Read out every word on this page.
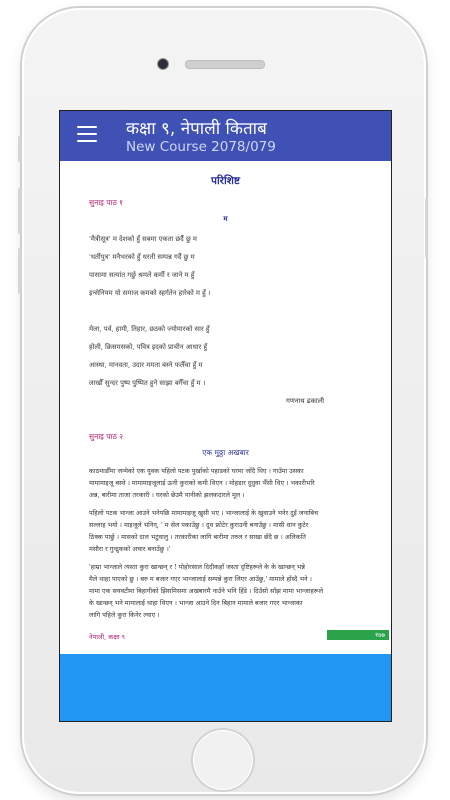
कक्षा ९, नेपाली किताब
New Course 2078/079
परिशिष्ट
सुनाइ पाठ १
म
'मैत्रीसूत्र' म देशको हुँ सबमा एकता छर्दै छु म
'धर्तीपुत्र' मनैभरको हुँ धरती सम्पन्न गर्दै छु म
पासामा सत्यांत गर्छु श्रमले कर्मी र जाने म हुँ
इन्सेनियम यो समाज कमको स्हर्गतेन हारेको म हुँ ।
मेला, पर्व, हामी, तिहार, छठको ज्योमारको सार हुँ
होली, क्रिसमसको, पवित्र इदको प्राचीन आधार हुँ
आस्था, मानवता, उदार ममता बस्ने फलैँचा हुँ म
लाखौँ सुन्दर पुष्प पुष्पित हुने साझा बगैँचा हुँ म ।
गणनाथ ढकाली
सुनाइ पाठ २
एक मुठ्ठा अखबार
काठमाडौँमा जन्मेको एक युवक पहिलो पटक पुर्खाको पहाडको घरमा जाँदै थिए । गाउँमा उसका
मामामाइजू बस्थे । मामामाइजूलाई ऊनी कुराको कमी थिएन । मोहडार दुधुवा भैँसी थिए । भकारीभरि
अन्न, बारीमा ताजा तरकारी । घरको छेउमै पानीको झलकदारले मूल ।
पहिलो पटक भान्जा आउने भनेपछि मामामाइजू खुसी भए । भान्जालाई के खुवाउने भनेर दुई जनाबिच
सल्लाह भयो । माइजूले भनिन्, ' म सेल पकाउँछु । दूध फ्रोटेर कुराउनी बनाउँछु । मासी धान कुटेर
ठिक्क पार्छु । मासको दाल भटुवालु । तरकारीका लागि बारीमा तरुल र साखा छँदै छ । अलिकति
मसौरा र गुन्द्रुकको अचार बनाउँछु ।'
'हाम्रा भान्जाले त्यस्ता कुरा खान्छन् र ! पोहोरसाल दिदीकहाँ जस्ता दृष्टिहरूले के के खान्छन् भन्ने
मैले थाहा पाएको छु । बरु म बजार गएर भान्जालाई सम्पन्ने कुरा लिएर आउँछु,' मामाले हाँस्दै भने ।
मामा एक सयवटीमा बिहानीको झिसमिसमा अखबारमै नाउँने भनि हिँडे । दिउँसो साँझ मामा भान्जाहरूले
के खान्छन् भने मामालाई थाहा थिएन । भान्जा आउने दिन बिहान मामाले बजार गएर भान्जाका
लागि पहिले कुरा किनेर ल्याए ।
नेपाली, कक्षा ९	१७७
